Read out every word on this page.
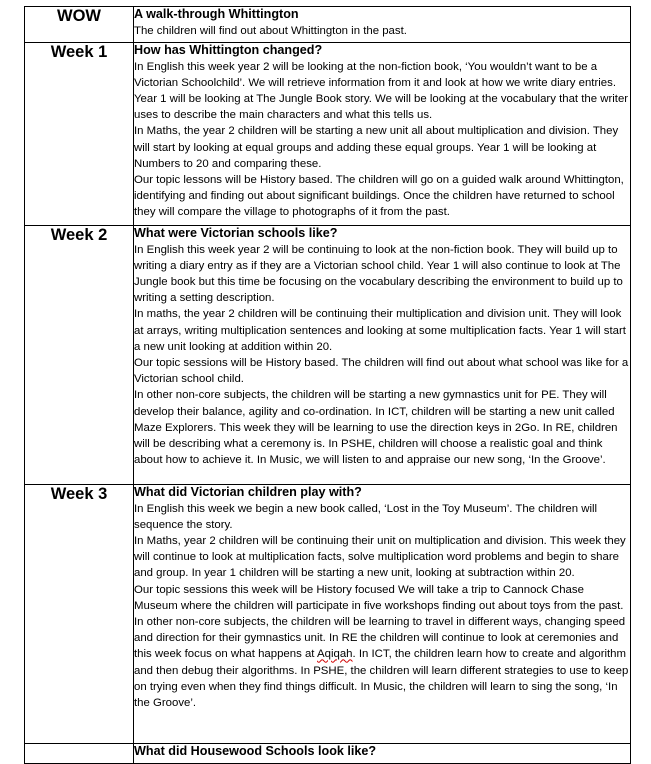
WOW	A walk-through Whittington
The children will find out about Whittington in the past.

Week 1	How has Whittington changed?
In English this week year 2 will be looking at the non-fiction book, ‘You wouldn’t want to be a Victorian Schoolchild’. We will retrieve information from it and look at how we write diary entries. Year 1 will be looking at The Jungle Book story. We will be looking at the vocabulary that the writer uses to describe the main characters and what this tells us.
In Maths, the year 2 children will be starting a new unit all about multiplication and division. They will start by looking at equal groups and adding these equal groups. Year 1 will be looking at Numbers to 20 and comparing these.
Our topic lessons will be History based. The children will go on a guided walk around Whittington, identifying and finding out about significant buildings. Once the children have returned to school they will compare the village to photographs of it from the past.

Week 2	What were Victorian schools like?
In English this week year 2 will be continuing to look at the non-fiction book. They will build up to writing a diary entry as if they are a Victorian school child. Year 1 will also continue to look at The Jungle book but this time be focusing on the vocabulary describing the environment to build up to writing a setting description.
In maths, the year 2 children will be continuing their multiplication and division unit. They will look at arrays, writing multiplication sentences and looking at some multiplication facts. Year 1 will start a new unit looking at addition within 20.
Our topic sessions will be History based. The children will find out about what school was like for a Victorian school child.
In other non-core subjects, the children will be starting a new gymnastics unit for PE. They will develop their balance, agility and co-ordination. In ICT, children will be starting a new unit called Maze Explorers. This week they will be learning to use the direction keys in 2Go. In RE, children will be describing what a ceremony is. In PSHE, children will choose a realistic goal and think about how to achieve it. In Music, we will listen to and appraise our new song, ‘In the Groove’.

Week 3	What did Victorian children play with?
In English this week we begin a new book called, ‘Lost in the Toy Museum’. The children will sequence the story.
In Maths, year 2 children will be continuing their unit on multiplication and division. This week they will continue to look at multiplication facts, solve multiplication word problems and begin to share and group. In year 1 children will be starting a new unit, looking at subtraction within 20.
Our topic sessions this week will be History focused We will take a trip to Cannock Chase Museum where the children will participate in five workshops finding out about toys from the past.
In other non-core subjects, the children will be learning to travel in different ways, changing speed and direction for their gymnastics unit. In RE the children will continue to look at ceremonies and this week focus on what happens at Aqiqah. In ICT, the children learn how to create and algorithm and then debug their algorithms. In PSHE, the children will learn different strategies to use to keep on trying even when they find things difficult. In Music, the children will learn to sing the song, ‘In the Groove’.

	What did Housewood Schools look like?
